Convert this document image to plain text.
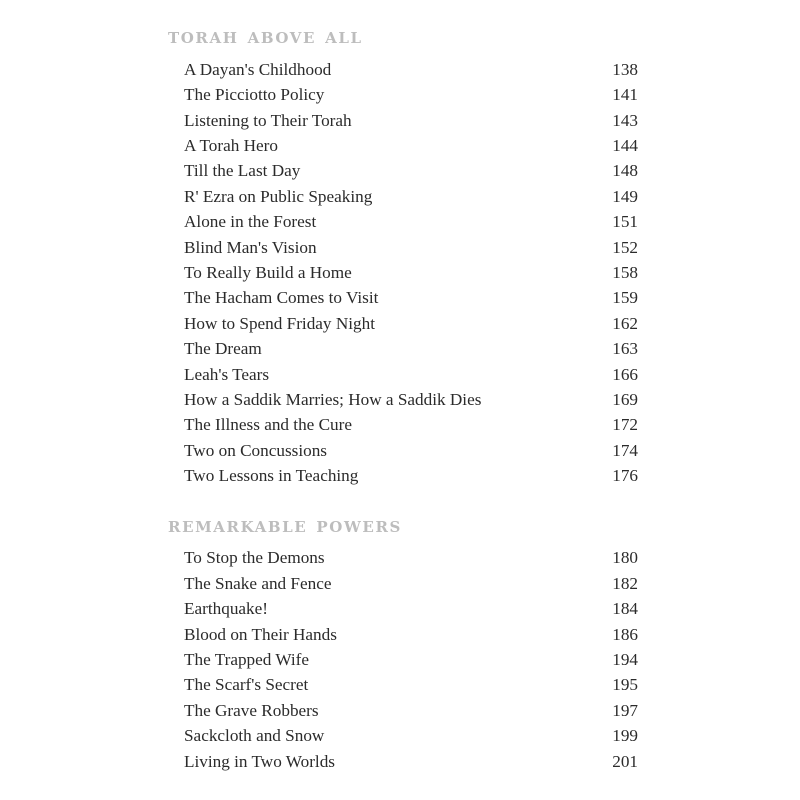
torah above all
A Dayan's Childhood	138
The Picciotto Policy	141
Listening to Their Torah	143
A Torah Hero	144
Till the Last Day	148
R' Ezra on Public Speaking	149
Alone in the Forest	151
Blind Man's Vision	152
To Really Build a Home	158
The Hacham Comes to Visit	159
How to Spend Friday Night	162
The Dream	163
Leah's Tears	166
How a Saddik Marries; How a Saddik Dies	169
The Illness and the Cure	172
Two on Concussions	174
Two Lessons in Teaching	176
remarkable powers
To Stop the Demons	180
The Snake and Fence	182
Earthquake!	184
Blood on Their Hands	186
The Trapped Wife	194
The Scarf's Secret	195
The Grave Robbers	197
Sackcloth and Snow	199
Living in Two Worlds	201
